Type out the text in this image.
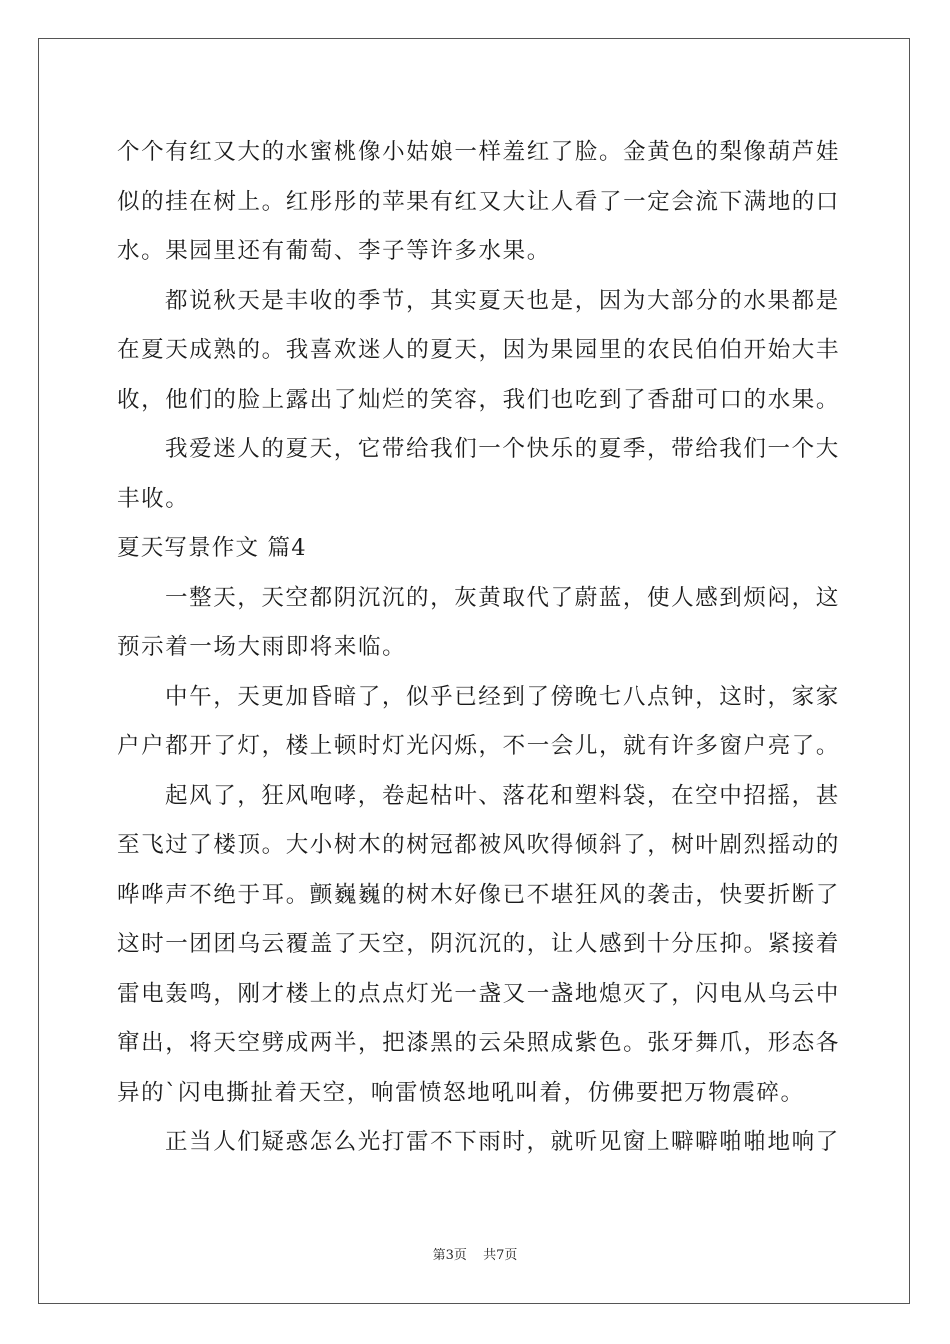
个个有红又大的水蜜桃像小姑娘一样羞红了脸。金黄色的梨像葫芦娃
似的挂在树上。红彤彤的苹果有红又大让人看了一定会流下满地的口
水。果园里还有葡萄、李子等许多水果。
都说秋天是丰收的季节，其实夏天也是，因为大部分的水果都是
在夏天成熟的。我喜欢迷人的夏天，因为果园里的农民伯伯开始大丰
收，他们的脸上露出了灿烂的笑容，我们也吃到了香甜可口的水果。
我爱迷人的夏天，它带给我们一个快乐的夏季，带给我们一个大
丰收。
夏天写景作文 篇4
一整天，天空都阴沉沉的，灰黄取代了蔚蓝，使人感到烦闷，这
预示着一场大雨即将来临。
中午，天更加昏暗了，似乎已经到了傍晚七八点钟，这时，家家
户户都开了灯，楼上顿时灯光闪烁，不一会儿，就有许多窗户亮了。
起风了，狂风咆哮，卷起枯叶、落花和塑料袋，在空中招摇，甚
至飞过了楼顶。大小树木的树冠都被风吹得倾斜了，树叶剧烈摇动的
哗哗声不绝于耳。颤巍巍的树木好像已不堪狂风的袭击，快要折断了
这时一团团乌云覆盖了天空，阴沉沉的，让人感到十分压抑。紧接着
雷电轰鸣，刚才楼上的点点灯光一盏又一盏地熄灭了，闪电从乌云中
窜出，将天空劈成两半，把漆黑的云朵照成紫色。张牙舞爪，形态各
异的`闪电撕扯着天空，响雷愤怒地吼叫着，仿佛要把万物震碎。
正当人们疑惑怎么光打雷不下雨时，就听见窗上噼噼啪啪地响了
第3页 共7页
